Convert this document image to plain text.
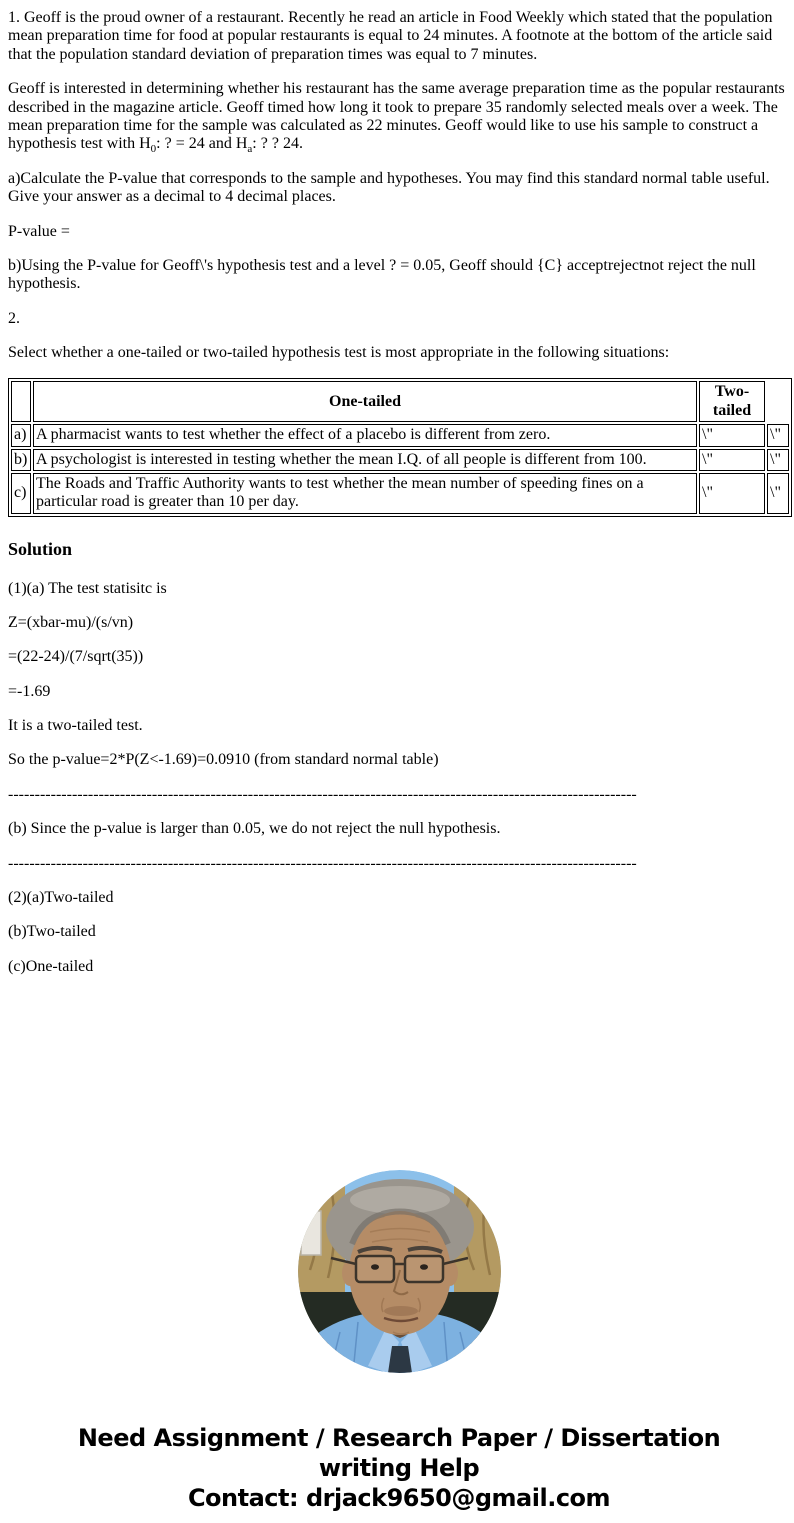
1. Geoff is the proud owner of a restaurant. Recently he read an article in Food Weekly which stated that the population mean preparation time for food at popular restaurants is equal to 24 minutes. A footnote at the bottom of the article said that the population standard deviation of preparation times was equal to 7 minutes.

Geoff is interested in determining whether his restaurant has the same average preparation time as the popular restaurants described in the magazine article. Geoff timed how long it took to prepare 35 randomly selected meals over a week. The mean preparation time for the sample was calculated as 22 minutes. Geoff would like to use his sample to construct a hypothesis test with $H_0$: ? = 24 and $H_a$: ? ? 24.

a)Calculate the P-value that corresponds to the sample and hypotheses. You may find this standard normal table useful. Give your answer as a decimal to 4 decimal places.

P-value =

b)Using the P-value for Geoff\'s hypothesis test and a level ? = 0.05, Geoff should {C} acceptrejectnot reject the null hypothesis.

2.

Select whether a one-tailed or two-tailed hypothesis test is most appropriate in the following situations:

	One-tailed	Two-tailed	
a)	A pharmacist wants to test whether the effect of a placebo is different from zero.	\"	\"
b)	A psychologist is interested in testing whether the mean I.Q. of all people is different from 100.	\"	\"
c)	The Roads and Traffic Authority wants to test whether the mean number of speeding fines on a particular road is greater than 10 per day.	\"	\"
Solution

(1)(a) The test statisitc is

Z=(xbar-mu)/(s/vn)

=(22-24)/(7/sqrt(35))

=-1.69

It is a two-tailed test.

So the p-value=2*P(Z<-1.69)=0.0910 (from standard normal table)

----------------------------------------------------------------------------------------------------------------------

(b) Since the p-value is larger than 0.05, we do not reject the null hypothesis.

----------------------------------------------------------------------------------------------------------------------

(2)(a)Two-tailed

(b)Two-tailed

(c)One-tailed

Need Assignment / Research Paper / Dissertation
writing Help
Contact: drjack9650@gmail.com
